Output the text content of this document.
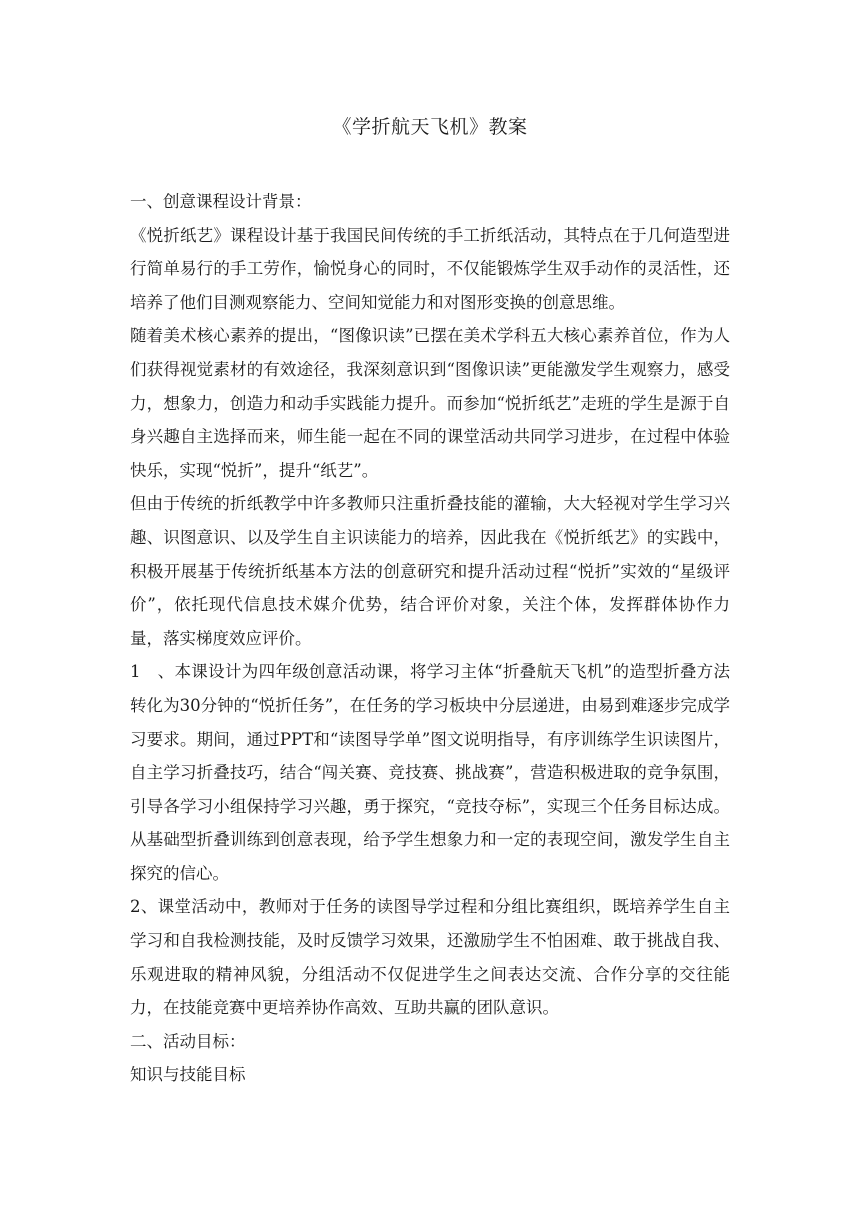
《学折航天飞机》教案

一、创意课程设计背景：

《悦折纸艺》课程设计基于我国民间传统的手工折纸活动，其特点在于几何造型进行简单易行的手工劳作，愉悦身心的同时，不仅能锻炼学生双手动作的灵活性，还培养了他们目测观察能力、空间知觉能力和对图形变换的创意思维。

随着美术核心素养的提出，“图像识读”已摆在美术学科五大核心素养首位，作为人们获得视觉素材的有效途径，我深刻意识到“图像识读”更能激发学生观察力，感受力，想象力，创造力和动手实践能力提升。而参加“悦折纸艺”走班的学生是源于自身兴趣自主选择而来，师生能一起在不同的课堂活动共同学习进步，在过程中体验快乐，实现“悦折”，提升“纸艺”。

但由于传统的折纸教学中许多教师只注重折叠技能的灌输，大大轻视对学生学习兴趣、识图意识、以及学生自主识读能力的培养，因此我在《悦折纸艺》的实践中，积极开展基于传统折纸基本方法的创意研究和提升活动过程“悦折”实效的“星级评价”，依托现代信息技术媒介优势，结合评价对象，关注个体，发挥群体协作力量，落实梯度效应评价。

1　、本课设计为四年级创意活动课，将学习主体“折叠航天飞机”的造型折叠方法转化为30分钟的“悦折任务”，在任务的学习板块中分层递进，由易到难逐步完成学习要求。期间，通过PPT和“读图导学单”图文说明指导，有序训练学生识读图片，自主学习折叠技巧，结合“闯关赛、竞技赛、挑战赛”，营造积极进取的竞争氛围，引导各学习小组保持学习兴趣，勇于探究，“竞技夺标”，实现三个任务目标达成。从基础型折叠训练到创意表现，给予学生想象力和一定的表现空间，激发学生自主探究的信心。

2、课堂活动中，教师对于任务的读图导学过程和分组比赛组织，既培养学生自主学习和自我检测技能，及时反馈学习效果，还激励学生不怕困难、敢于挑战自我、乐观进取的精神风貌，分组活动不仅促进学生之间表达交流、合作分享的交往能力，在技能竞赛中更培养协作高效、互助共赢的团队意识。

二、活动目标：

知识与技能目标
